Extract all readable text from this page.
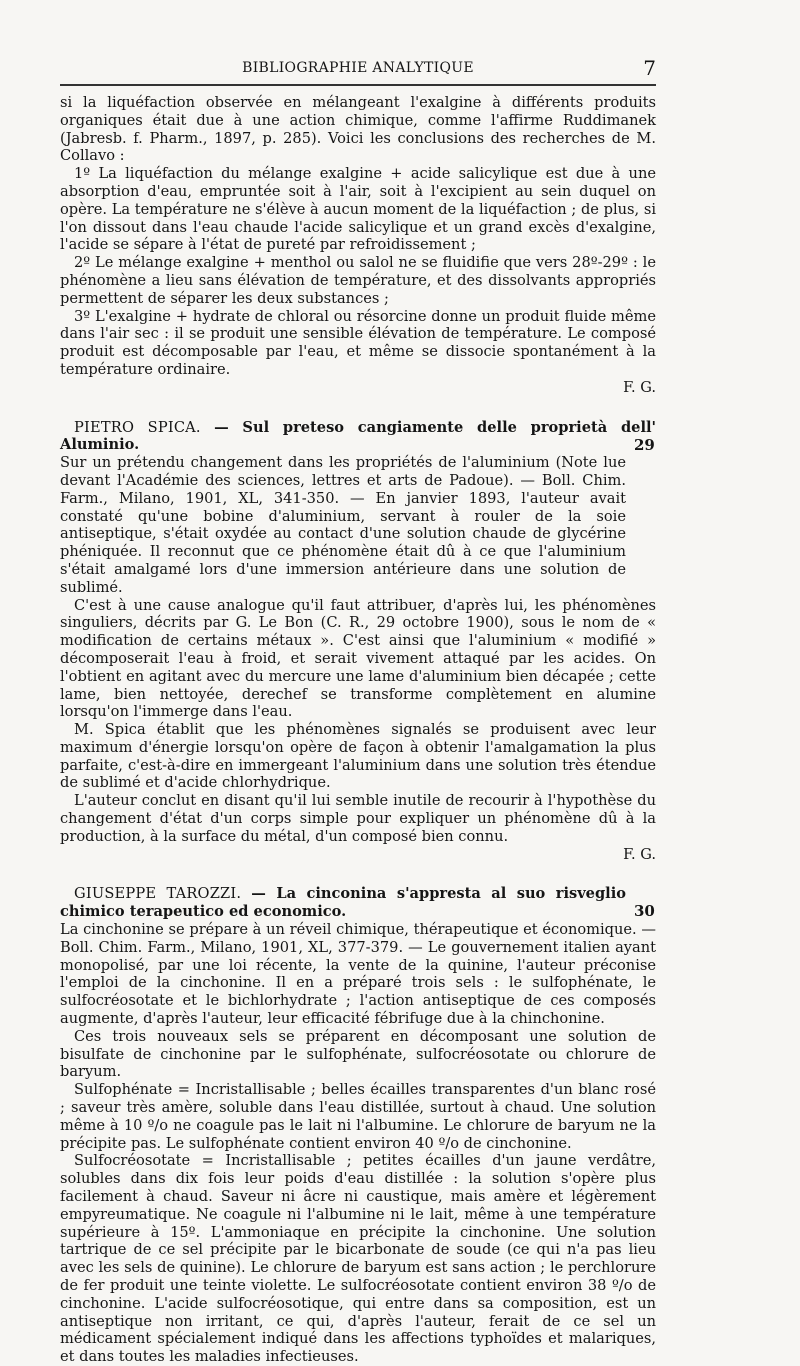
BIBLIOGRAPHIE ANALYTIQUE	7

si la liquéfaction observée en mélangeant l'exalgine à différents produits organiques était due à une action chimique, comme l'affirme Ruddimanek (Jabresb. f. Pharm., 1897, p. 285). Voici les conclusions des recherches de M. Collavo :

1º La liquéfaction du mélange exalgine + acide salicylique est due à une absorption d'eau, empruntée soit à l'air, soit à l'excipient au sein duquel on opère. La température ne s'élève à aucun moment de la liquéfaction ; de plus, si l'on dissout dans l'eau chaude l'acide salicylique et un grand excès d'exalgine, l'acide se sépare à l'état de pureté par refroidissement ;

2º Le mélange exalgine + menthol ou salol ne se fluidifie que vers 28º-29º : le phénomène a lieu sans élévation de température, et des dissolvants appropriés permettent de séparer les deux substances ;

3º L'exalgine + hydrate de chloral ou résorcine donne un produit fluide même dans l'air sec : il se produit une sensible élévation de température. Le composé produit est décomposable par l'eau, et même se dissocie spontanément à la température ordinaire.

F. G.

29

PIETRO SPICA. — Sul preteso cangiamente delle proprietà dell' Aluminio.

Sur un prétendu changement dans les propriétés de l'aluminium (Note lue devant l'Académie des sciences, lettres et arts de Padoue). — Boll. Chim. Farm., Milano, 1901, XL, 341-350. — En janvier 1893, l'auteur avait constaté qu'une bobine d'aluminium, servant à rouler de la soie antiseptique, s'était oxydée au contact d'une solution chaude de glycérine phéniquée. Il reconnut que ce phénomène était dû à ce que l'aluminium s'était amalgamé lors d'une immersion antérieure dans une solution de sublimé.

C'est à une cause analogue qu'il faut attribuer, d'après lui, les phénomènes singuliers, décrits par G. Le Bon (C. R., 29 octobre 1900), sous le nom de « modification de certains métaux ». C'est ainsi que l'aluminium « modifié » décomposerait l'eau à froid, et serait vivement attaqué par les acides. On l'obtient en agitant avec du mercure une lame d'aluminium bien décapée ; cette lame, bien nettoyée, derechef se transforme complètement en alumine lorsqu'on l'immerge dans l'eau.

M. Spica établit que les phénomènes signalés se produisent avec leur maximum d'énergie lorsqu'on opère de façon à obtenir l'amalgamation la plus parfaite, c'est-à-dire en immergeant l'aluminium dans une solution très étendue de sublimé et d'acide chlorhydrique.

L'auteur conclut en disant qu'il lui semble inutile de recourir à l'hypothèse du changement d'état d'un corps simple pour expliquer un phénomène dû à la production, à la surface du métal, d'un composé bien connu.

F. G.

30

GIUSEPPE TAROZZI. — La cinconina s'appresta al suo risveglio chimico terapeutico ed economico.

La cinchonine se prépare à un réveil chimique, thérapeutique et économique. — Boll. Chim. Farm., Milano, 1901, XL, 377-379. — Le gouvernement italien ayant monopolisé, par une loi récente, la vente de la quinine, l'auteur préconise l'emploi de la cinchonine. Il en a préparé trois sels : le sulfophénate, le sulfocréosotate et le bichlorhydrate ; l'action antiseptique de ces composés augmente, d'après l'auteur, leur efficacité fébrifuge due à la chinchonine.

Ces trois nouveaux sels se préparent en décomposant une solution de bisulfate de cinchonine par le sulfophénate, sulfocréosotate ou chlorure de baryum.

Sulfophénate = Incristallisable ; belles écailles transparentes d'un blanc rosé ; saveur très amère, soluble dans l'eau distillée, surtout à chaud. Une solution même à 10 º/o ne coagule pas le lait ni l'albumine. Le chlorure de baryum ne la précipite pas. Le sulfophénate contient environ 40 º/o de cinchonine.

Sulfocréosotate = Incristallisable ; petites écailles d'un jaune verdâtre, solubles dans dix fois leur poids d'eau distillée : la solution s'opère plus facilement à chaud. Saveur ni âcre ni caustique, mais amère et légèrement empyreumatique. Ne coagule ni l'albumine ni le lait, même à une température supérieure à 15º. L'ammoniaque en précipite la cinchonine. Une solution tartrique de ce sel précipite par le bicarbonate de soude (ce qui n'a pas lieu avec les sels de quinine). Le chlorure de baryum est sans action ; le perchlorure de fer produit une teinte violette. Le sulfocréosotate contient environ 38 º/o de cinchonine. L'acide sulfocréosotique, qui entre dans sa composition, est un antiseptique non irritant, ce qui, d'après l'auteur, ferait de ce sel un médicament spécialement indiqué dans les affections typhoïdes et malariques, et dans toutes les maladies infectieuses.
